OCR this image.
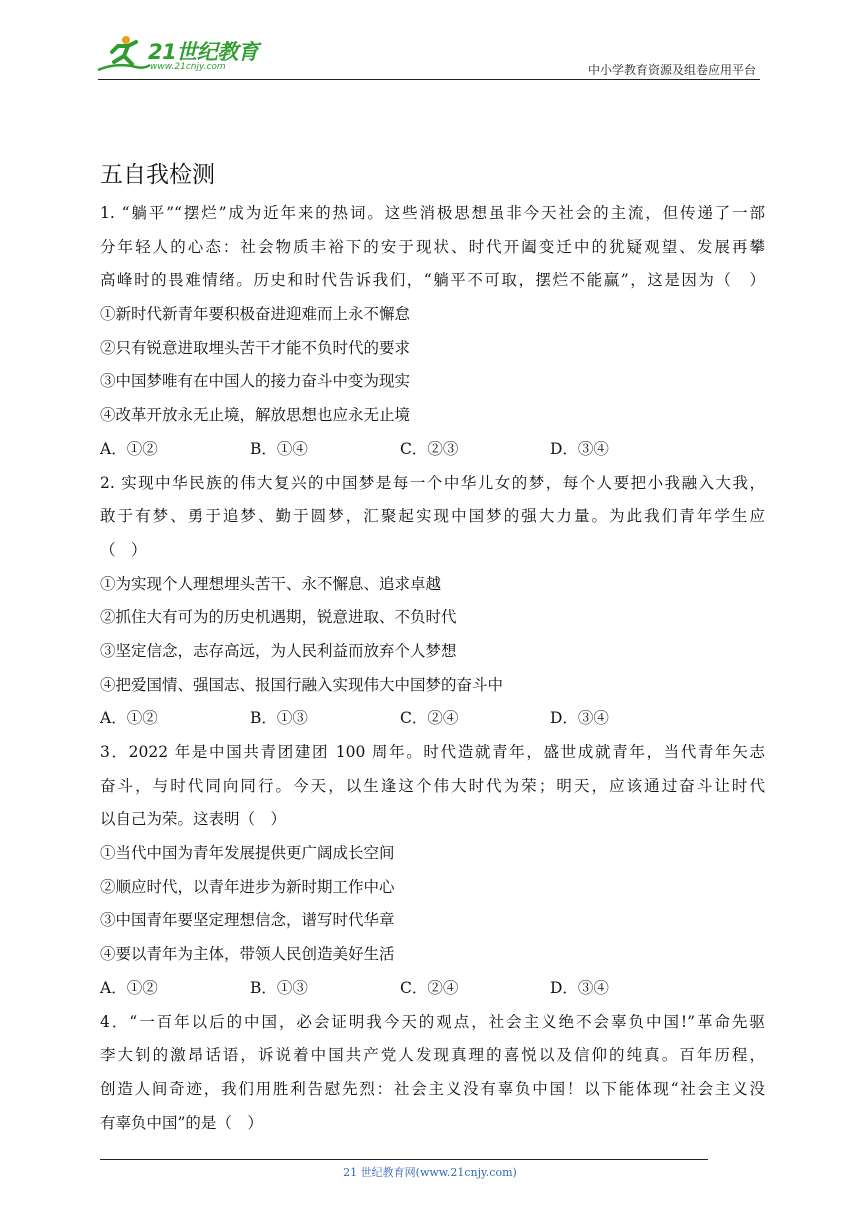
21世纪教育
www.21cnjy.com	中小学教育资源及组卷应用平台
五自我检测
1. “躺平”“摆烂”成为近年来的热词。这些消极思想虽非今天社会的主流，但传递了一部
分年轻人的心态：社会物质丰裕下的安于现状、时代开阖变迁中的犹疑观望、发展再攀
高峰时的畏难情绪。历史和时代告诉我们，“躺平不可取，摆烂不能赢”，这是因为（　）
①新时代新青年要积极奋进迎难而上永不懈怠
②只有锐意进取埋头苦干才能不负时代的要求
③中国梦唯有在中国人的接力奋斗中变为现实
④改革开放永无止境，解放思想也应永无止境
A．①②	B．①④	C．②③	D．③④
2. 实现中华民族的伟大复兴的中国梦是每一个中华儿女的梦，每个人要把小我融入大我，
敢于有梦、勇于追梦、勤于圆梦，汇聚起实现中国梦的强大力量。为此我们青年学生应
（　）
①为实现个人理想埋头苦干、永不懈息、追求卓越
②抓住大有可为的历史机遇期，锐意进取、不负时代
③坚定信念，志存高远，为人民利益而放弃个人梦想
④把爱国情、强国志、报国行融入实现伟大中国梦的奋斗中
A．①②	B．①③	C．②④	D．③④
3．2022 年是中国共青团建团 100 周年。时代造就青年，盛世成就青年，当代青年矢志
奋斗，与时代同向同行。今天，以生逢这个伟大时代为荣；明天，应该通过奋斗让时代
以自己为荣。这表明（　）
①当代中国为青年发展提供更广阔成长空间
②顺应时代，以青年进步为新时期工作中心
③中国青年要坚定理想信念，谱写时代华章
④要以青年为主体，带领人民创造美好生活
A．①②	B．①③	C．②④	D．③④
4．“一百年以后的中国，必会证明我今天的观点，社会主义绝不会辜负中国!”革命先驱
李大钊的激昂话语，诉说着中国共产党人发现真理的喜悦以及信仰的纯真。百年历程，
创造人间奇迹，我们用胜利告慰先烈：社会主义没有辜负中国！以下能体现“社会主义没
有辜负中国”的是（　）
21 世纪教育网(www.21cnjy.com)
